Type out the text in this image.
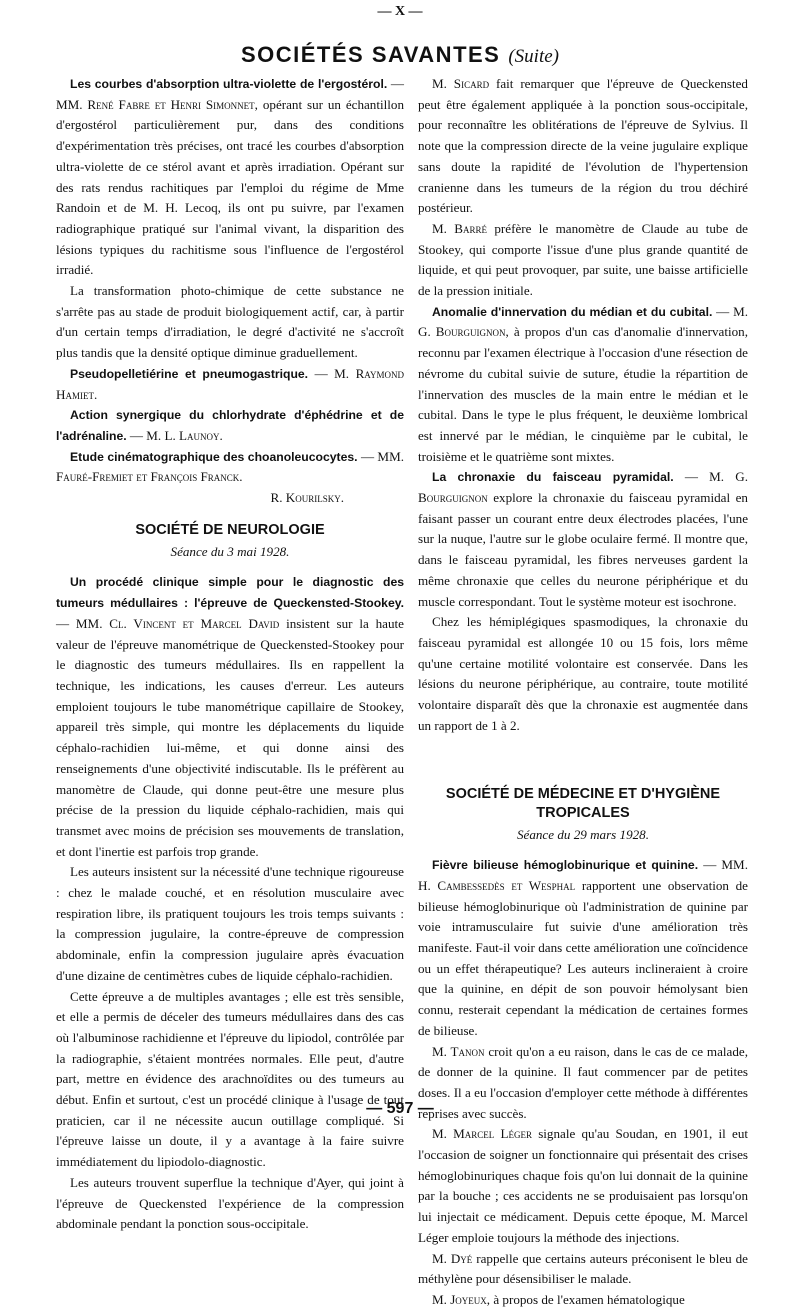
— X —
SOCIÉTÉS SAVANTES (Suite)

Les courbes d'absorption ultra-violette de l'ergostérol. — MM. René Fabre et Henri Simonnet, opérant sur un échantillon d'ergostérol particulièrement pur, dans des conditions d'expérimentation très précises, ont tracé les courbes d'absorption ultra-violette de ce stérol avant et après irradiation. Opérant sur des rats rendus rachitiques par l'emploi du régime de Mme Randoin et de M. H. Lecoq, ils ont pu suivre, par l'examen radiographique pratiqué sur l'animal vivant, la disparition des lésions typiques du rachitisme sous l'influence de l'ergostérol irradié.

La transformation photo-chimique de cette substance ne s'arrête pas au stade de produit biologiquement actif, car, à partir d'un certain temps d'irradiation, le degré d'activité ne s'accroît plus tandis que la densité optique diminue graduellement.

Pseudopelletiérine et pneumogastrique. — M. Raymond Hamiet.

Action synergique du chlorhydrate d'éphédrine et de l'adrénaline. — M. L. Launoy.

Etude cinématographique des choanoleucocytes. — MM. Fauré-Fremiet et François Franck.

R. Kourilsky.

SOCIÉTÉ DE NEUROLOGIE
Séance du 3 mai 1928.

Un procédé clinique simple pour le diagnostic des tumeurs médullaires : l'épreuve de Queckensted-Stookey. — MM. Cl. Vincent et Marcel David insistent sur la haute valeur de l'épreuve manométrique de Queckensted-Stookey pour le diagnostic des tumeurs médullaires. Ils en rappellent la technique, les indications, les causes d'erreur. Les auteurs emploient toujours le tube manométrique capillaire de Stookey, appareil très simple, qui montre les déplacements du liquide céphalo-rachidien lui-même, et qui donne ainsi des renseignements d'une objectivité indiscutable. Ils le préfèrent au manomètre de Claude, qui donne peut-être une mesure plus précise de la pression du liquide céphalo-rachidien, mais qui transmet avec moins de précision ses mouvements de translation, et dont l'inertie est parfois trop grande.

Les auteurs insistent sur la nécessité d'une technique rigoureuse : chez le malade couché, et en résolution musculaire avec respiration libre, ils pratiquent toujours les trois temps suivants : la compression jugulaire, la contre-épreuve de compression abdominale, enfin la compression jugulaire après évacuation d'une dizaine de centimètres cubes de liquide céphalo-rachidien.

Cette épreuve a de multiples avantages ; elle est très sensible, et elle a permis de déceler des tumeurs médullaires dans des cas où l'albuminose rachidienne et l'épreuve du lipiodol, contrôlée par la radiographie, s'étaient montrées normales. Elle peut, d'autre part, mettre en évidence des arachnoïdites ou des tumeurs au début. Enfin et surtout, c'est un procédé clinique à l'usage de tout praticien, car il ne nécessite aucun outillage compliqué. Si l'épreuve laisse un doute, il y a avantage à la faire suivre immédiatement du lipiodolo-diagnostic.

Les auteurs trouvent superflue la technique d'Ayer, qui joint à l'épreuve de Queckensted l'expérience de la compression abdominale pendant la ponction sous-occipitale.

M. Sicard fait remarquer que l'épreuve de Queckensted peut être également appliquée à la ponction sous-occipitale, pour reconnaître les oblitérations de l'épreuve de Sylvius. Il note que la compression directe de la veine jugulaire explique sans doute la rapidité de l'évolution de l'hypertension cranienne dans les tumeurs de la région du trou déchiré postérieur.

M. Barré préfère le manomètre de Claude au tube de Stookey, qui comporte l'issue d'une plus grande quantité de liquide, et qui peut provoquer, par suite, une baisse artificielle de la pression initiale.

Anomalie d'innervation du médian et du cubital. — M. G. Bourguignon, à propos d'un cas d'anomalie d'innervation, reconnu par l'examen électrique à l'occasion d'une résection de névrome du cubital suivie de suture, étudie la répartition de l'innervation des muscles de la main entre le médian et le cubital. Dans le type le plus fréquent, le deuxième lombrical est innervé par le médian, le cinquième par le cubital, le troisième et le quatrième sont mixtes.

La chronaxie du faisceau pyramidal. — M. G. Bourguignon explore la chronaxie du faisceau pyramidal en faisant passer un courant entre deux électrodes placées, l'une sur la nuque, l'autre sur le globe oculaire fermé. Il montre que, dans le faisceau pyramidal, les fibres nerveuses gardent la même chronaxie que celles du neurone périphérique et du muscle correspondant. Tout le système moteur est isochrone.

Chez les hémiplégiques spasmodiques, la chronaxie du faisceau pyramidal est allongée 10 ou 15 fois, lors même qu'une certaine motilité volontaire est conservée. Dans les lésions du neurone périphérique, au contraire, toute motilité volontaire disparaît dès que la chronaxie est augmentée dans un rapport de 1 à 2.

SOCIÉTÉ DE MÉDECINE ET D'HYGIÈNE
TROPICALES
Séance du 29 mars 1928.

Fièvre bilieuse hémoglobinurique et quinine. — MM. H. Cambessedès et Wesphal rapportent une observation de bilieuse hémoglobinurique où l'administration de quinine par voie intramusculaire fut suivie d'une amélioration très manifeste. Faut-il voir dans cette amélioration une coïncidence ou un effet thérapeutique? Les auteurs inclineraient à croire que la quinine, en dépit de son pouvoir hémolysant bien connu, resterait cependant la médication de certaines formes de bilieuse.

M. Tanon croit qu'on a eu raison, dans le cas de ce malade, de donner de la quinine. Il faut commencer par de petites doses. Il a eu l'occasion d'employer cette méthode à différentes reprises avec succès.

M. Marcel Léger signale qu'au Soudan, en 1901, il eut l'occasion de soigner un fonctionnaire qui présentait des crises hémoglobinuriques chaque fois qu'on lui donnait de la quinine par la bouche ; ces accidents ne se produisaient pas lorsqu'on lui injectait ce médicament. Depuis cette époque, M. Marcel Léger emploie toujours la méthode des injections.

M. Dyé rappelle que certains auteurs préconisent le bleu de méthylène pour désensibiliser le malade.

M. Joyeux, à propos de l'examen hématologique

— 597 —
